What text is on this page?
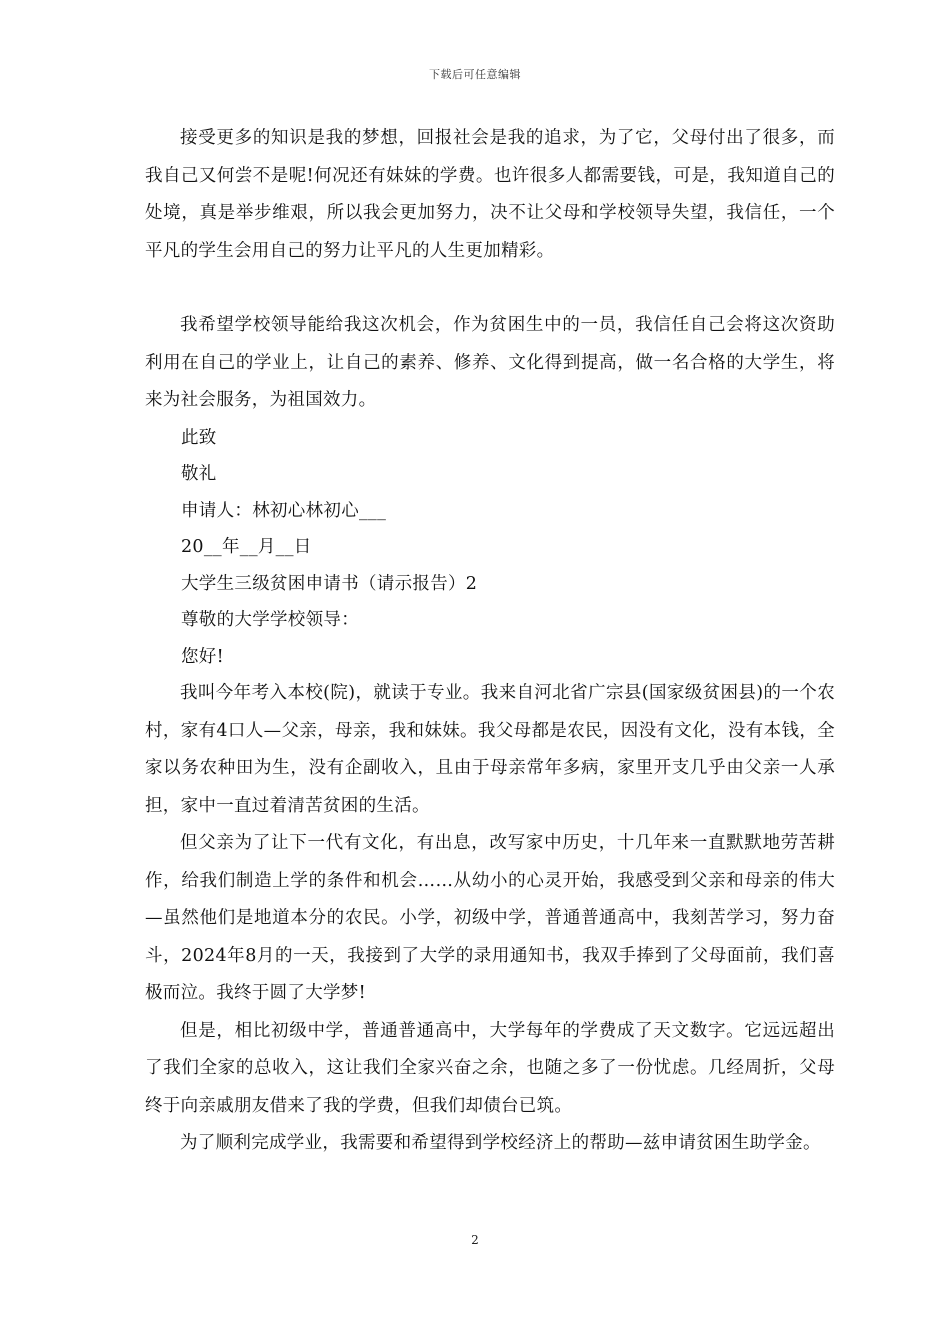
下载后可任意编辑

接受更多的知识是我的梦想，回报社会是我的追求，为了它，父母付出了很多，而我自己又何尝不是呢!何况还有妹妹的学费。也许很多人都需要钱，可是，我知道自己的处境，真是举步维艰，所以我会更加努力，决不让父母和学校领导失望，我信任，一个平凡的学生会用自己的努力让平凡的人生更加精彩。

我希望学校领导能给我这次机会，作为贫困生中的一员，我信任自己会将这次资助利用在自己的学业上，让自己的素养、修养、文化得到提高，做一名合格的大学生，将来为社会服务，为祖国效力。

此致

敬礼

申请人：林初心林初心___

20__年__月__日

大学生三级贫困申请书（请示报告）2

尊敬的大学学校领导：

您好!

我叫今年考入本校(院)，就读于专业。我来自河北省广宗县(国家级贫困县)的一个农村，家有4口人—父亲，母亲，我和妹妹。我父母都是农民，因没有文化，没有本钱，全家以务农种田为生，没有企副收入，且由于母亲常年多病，家里开支几乎由父亲一人承担，家中一直过着清苦贫困的生活。

但父亲为了让下一代有文化，有出息，改写家中历史，十几年来一直默默地劳苦耕作，给我们制造上学的条件和机会……从幼小的心灵开始，我感受到父亲和母亲的伟大—虽然他们是地道本分的农民。小学，初级中学，普通普通高中，我刻苦学习，努力奋斗，2024年8月的一天，我接到了大学的录用通知书，我双手捧到了父母面前，我们喜极而泣。我终于圆了大学梦!

但是，相比初级中学，普通普通高中，大学每年的学费成了天文数字。它远远超出了我们全家的总收入，这让我们全家兴奋之余，也随之多了一份忧虑。几经周折，父母终于向亲戚朋友借来了我的学费，但我们却债台已筑。

为了顺利完成学业，我需要和希望得到学校经济上的帮助—兹申请贫困生助学金。

2
